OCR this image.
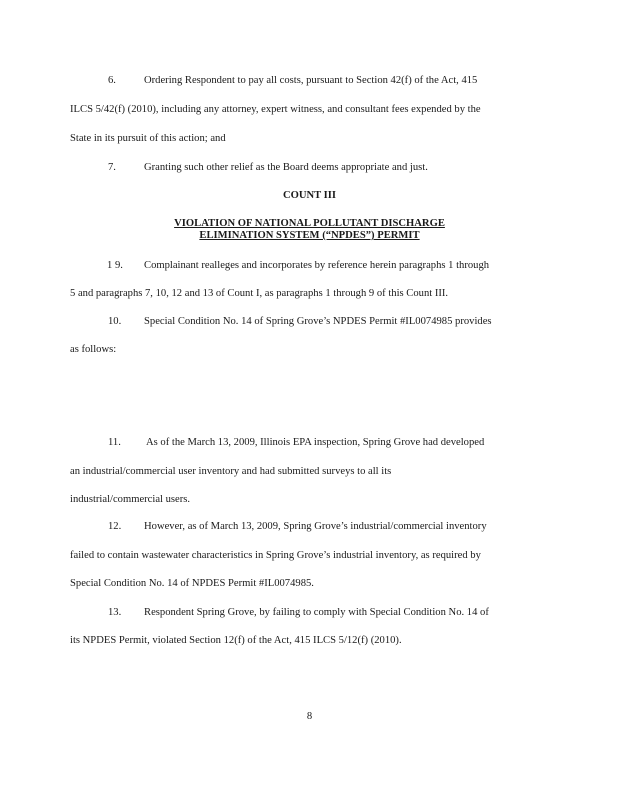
6.	Ordering Respondent to pay all costs, pursuant to Section 42(f) of the Act, 415
ILCS 5/42(f) (2010), including any attorney, expert witness, and consultant fees expended by the
State in its pursuit of this action; and
7.	Granting such other relief as the Board deems appropriate and just.
COUNT III
VIOLATION OF NATIONAL POLLUTANT DISCHARGE
ELIMINATION SYSTEM (“NPDES”) PERMIT
1 9. Complainant realleges and incorporates by reference herein paragraphs 1 through
5 and paragraphs 7, 10, 12 and 13 of Count I, as paragraphs 1 through 9 of this Count III.
10. Special Condition No. 14 of Spring Grove’s NPDES Permit #IL0074985 provides
as follows:
11. As of the March 13, 2009, Illinois EPA inspection, Spring Grove had developed
an industrial/commercial user inventory and had submitted surveys to all its
industrial/commercial users.
12. However, as of March 13, 2009, Spring Grove’s industrial/commercial inventory
failed to contain wastewater characteristics in Spring Grove’s industrial inventory, as required by
Special Condition No. 14 of NPDES Permit #IL0074985.
13. Respondent Spring Grove, by failing to comply with Special Condition No. 14 of
its NPDES Permit, violated Section 12(f) of the Act, 415 ILCS 5/12(f) (2010).
8
